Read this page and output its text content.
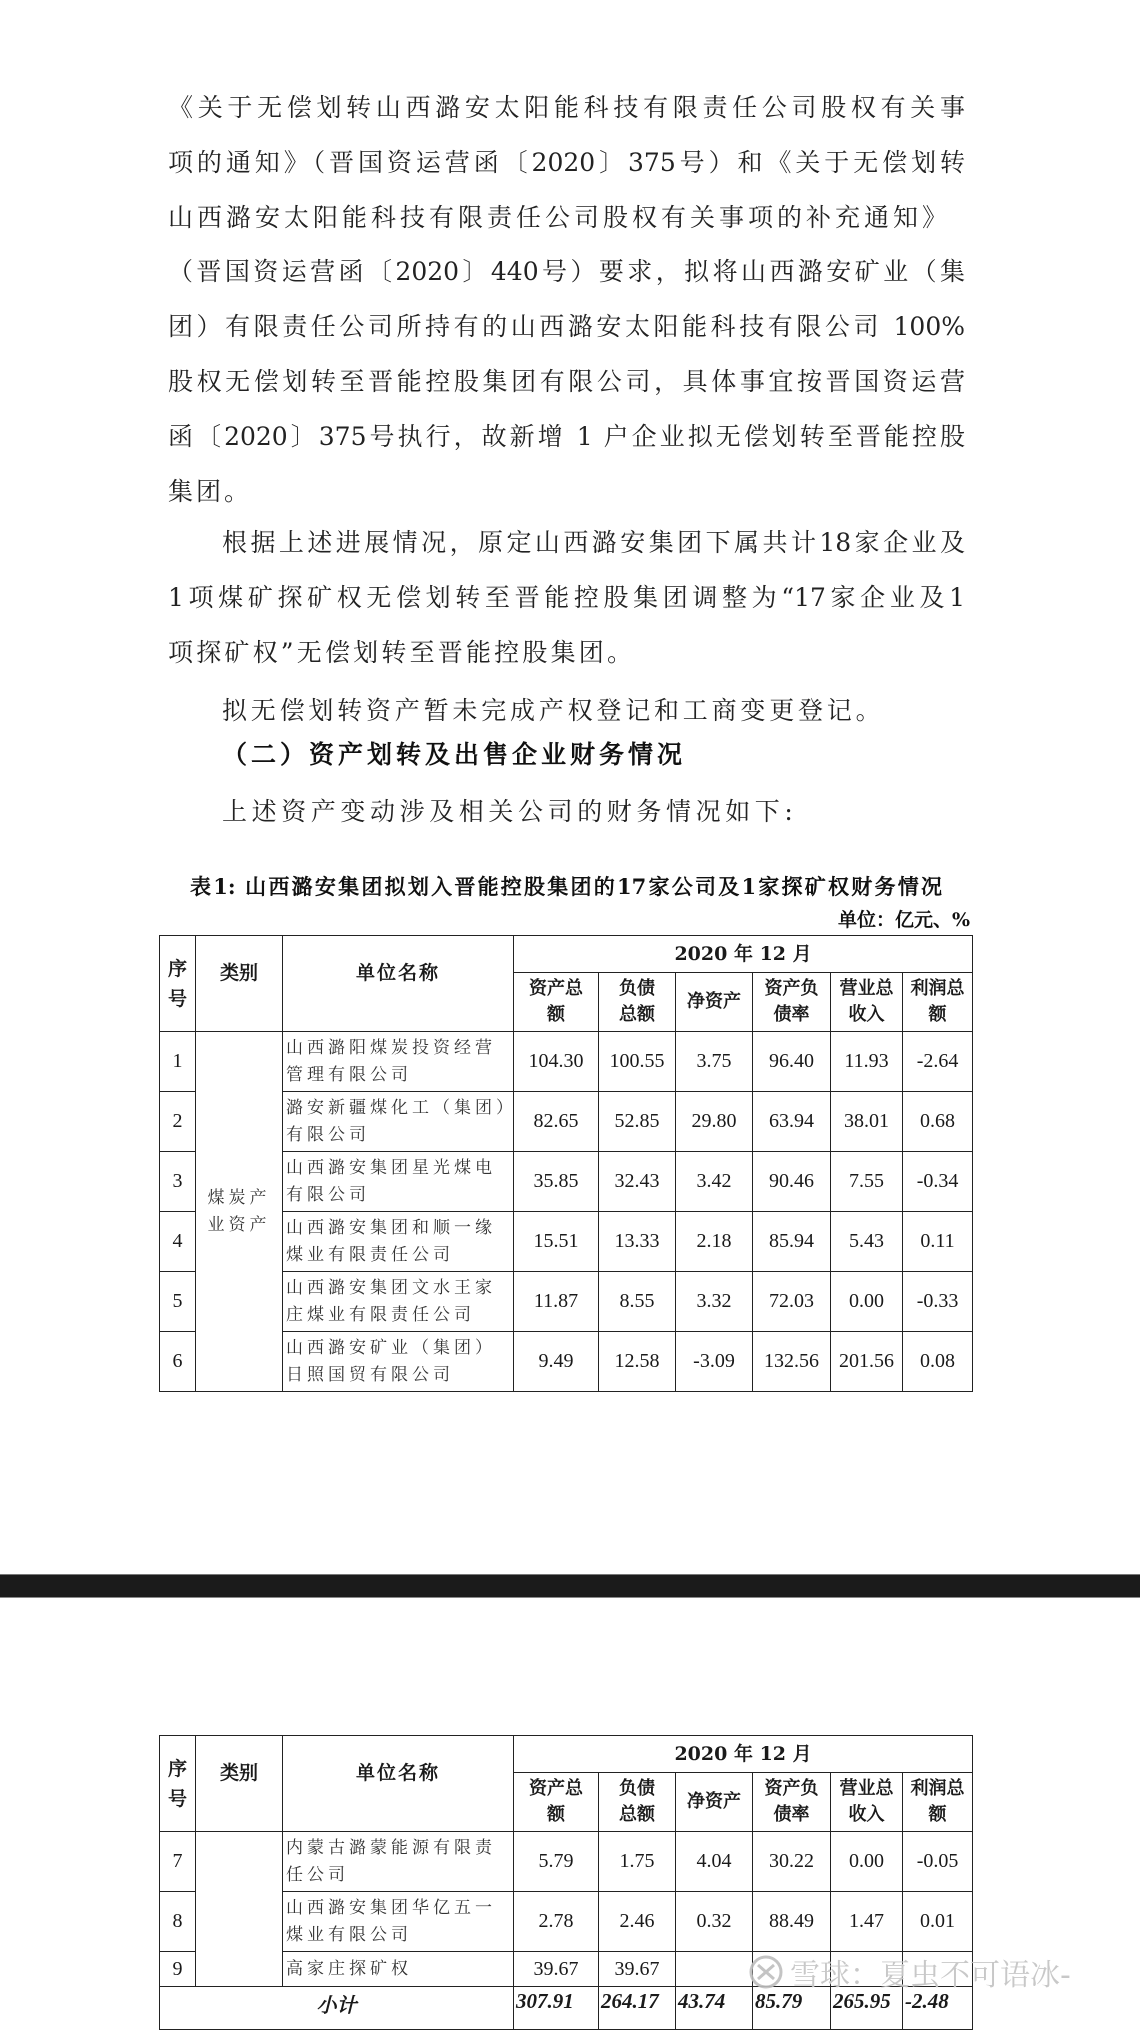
《关于无偿划转山西潞安太阳能科技有限责任公司股权有关事
项的通知》（晋国资运营函〔2020〕375号）和《关于无偿划转
山西潞安太阳能科技有限责任公司股权有关事项的补充通知》
（晋国资运营函〔2020〕440号）要求，拟将山西潞安矿业（集
团）有限责任公司所持有的山西潞安太阳能科技有限公司 100%
股权无偿划转至晋能控股集团有限公司，具体事宜按晋国资运营
函〔2020〕375号执行，故新增 1 户企业拟无偿划转至晋能控股
集团。
根据上述进展情况，原定山西潞安集团下属共计18家企业及
1项煤矿探矿权无偿划转至晋能控股集团调整为“17家企业及1
项探矿权”无偿划转至晋能控股集团。
拟无偿划转资产暂未完成产权登记和工商变更登记。
（二）资产划转及出售企业财务情况
上述资产变动涉及相关公司的财务情况如下:
表1: 山西潞安集团拟划入晋能控股集团的17家公司及1家探矿权财务情况
单位：亿元、%
序号	类别	单位名称	2020 年 12 月					
			资产总额	负债总额	净资产	资产负债率	营业总收入	利润总额
1	煤炭产业资产	山西潞阳煤炭投资经营管理有限公司	104.30	100.55	3.75	96.40	11.93	-2.64
2		潞安新疆煤化工（集团）有限公司	82.65	52.85	29.80	63.94	38.01	0.68
3		山西潞安集团星光煤电有限公司	35.85	32.43	3.42	90.46	7.55	-0.34
4		山西潞安集团和顺一缘煤业有限责任公司	15.51	13.33	2.18	85.94	5.43	0.11
5		山西潞安集团文水王家庄煤业有限责任公司	11.87	8.55	3.32	72.03	0.00	-0.33
6		山西潞安矿业（集团）日照国贸有限公司	9.49	12.58	-3.09	132.56	201.56	0.08
序号	类别	单位名称	2020 年 12 月					
			资产总额	负债总额	净资产	资产负债率	营业总收入	利润总额
7		内蒙古潞蒙能源有限责任公司	5.79	1.75	4.04	30.22	0.00	-0.05
8		山西潞安集团华亿五一煤业有限公司	2.78	2.46	0.32	88.49	1.47	0.01
9		高家庄探矿权	39.67	39.67				
小计			307.91	264.17	43.74	85.79	265.95	-2.48
雪球：夏虫不可语冰-
